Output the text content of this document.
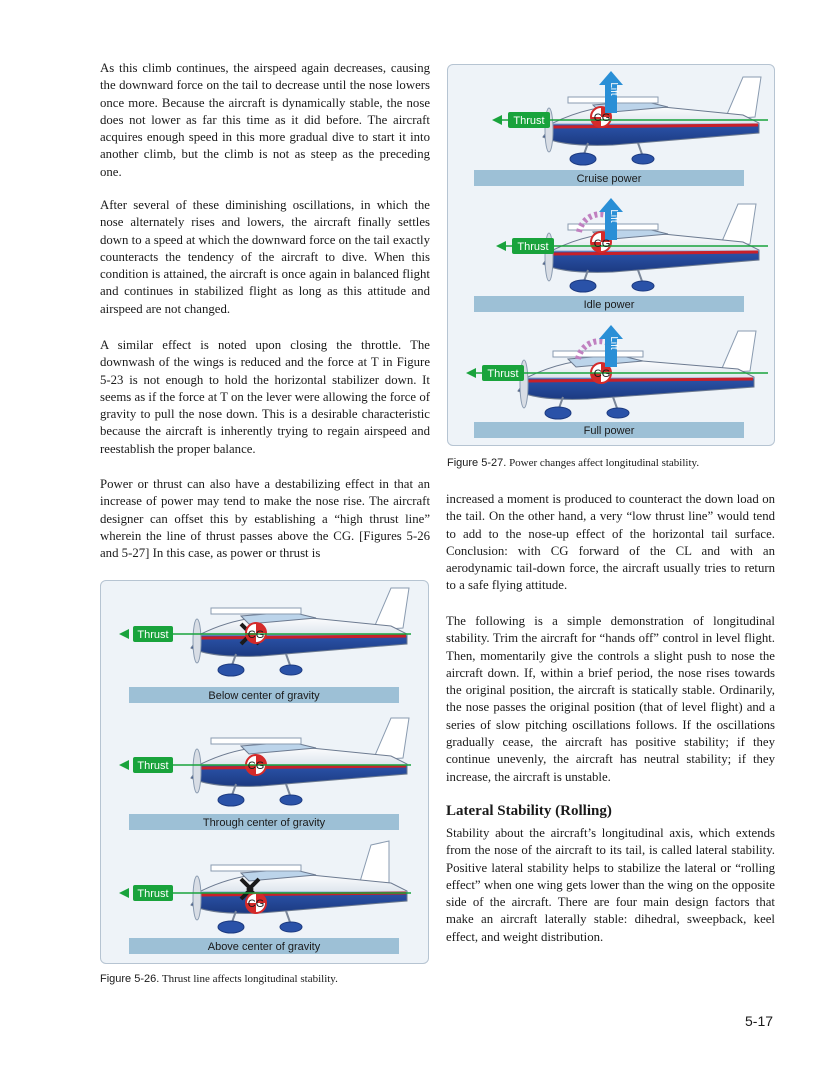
As this climb continues, the airspeed again decreases, causing the downward force on the tail to decrease until the nose lowers once more. Because the aircraft is dynamically stable, the nose does not lower as far this time as it did before. The aircraft acquires enough speed in this more gradual dive to start it into another climb, but the climb is not as steep as the preceding one.

After several of these diminishing oscillations, in which the nose alternately rises and lowers, the aircraft finally settles down to a speed at which the downward force on the tail exactly counteracts the tendency of the aircraft to dive. When this condition is attained, the aircraft is once again in balanced flight and continues in stabilized flight as long as this attitude and airspeed are not changed.

A similar effect is noted upon closing the throttle. The downwash of the wings is reduced and the force at T in Figure 5-23 is not enough to hold the horizontal stabilizer down. It seems as if the force at T on the lever were allowing the force of gravity to pull the nose down. This is a desirable characteristic because the aircraft is inherently trying to regain airspeed and reestablish the proper balance.

Power or thrust can also have a destabilizing effect in that an increase of power may tend to make the nose rise. The aircraft designer can offset this by establishing a “high thrust line” wherein the line of thrust passes above the CG. [Figures 5-26 and 5-27] In this case, as power or thrust is

Thrust	CG
Below center of gravity
Thrust	CG
Through center of gravity
Thrust
CG
Above center of gravity
Figure 5-26. Thrust line affects longitudinal stability.
Lift
Thrust	CG
Cruise power
Lift
Thrust	CG
Idle power
Lift
Thrust	CG
Full power
Figure 5-27. Power changes affect longitudinal stability.

increased a moment is produced to counteract the down load on the tail. On the other hand, a very “low thrust line” would tend to add to the nose-up effect of the horizontal tail surface. Conclusion: with CG forward of the CL and with an aerodynamic tail-down force, the aircraft usually tries to return to a safe flying attitude.

The following is a simple demonstration of longitudinal stability. Trim the aircraft for “hands off” control in level flight. Then, momentarily give the controls a slight push to nose the aircraft down. If, within a brief period, the nose rises towards the original position, the aircraft is statically stable. Ordinarily, the nose passes the original position (that of level flight) and a series of slow pitching oscillations follows. If the oscillations gradually cease, the aircraft has positive stability; if they continue unevenly, the aircraft has neutral stability; if they increase, the aircraft is unstable.

Lateral Stability (Rolling)

Stability about the aircraft’s longitudinal axis, which extends from the nose of the aircraft to its tail, is called lateral stability. Positive lateral stability helps to stabilize the lateral or “rolling effect” when one wing gets lower than the wing on the opposite side of the aircraft. There are four main design factors that make an aircraft laterally stable: dihedral, sweepback, keel effect, and weight distribution.

5-17
